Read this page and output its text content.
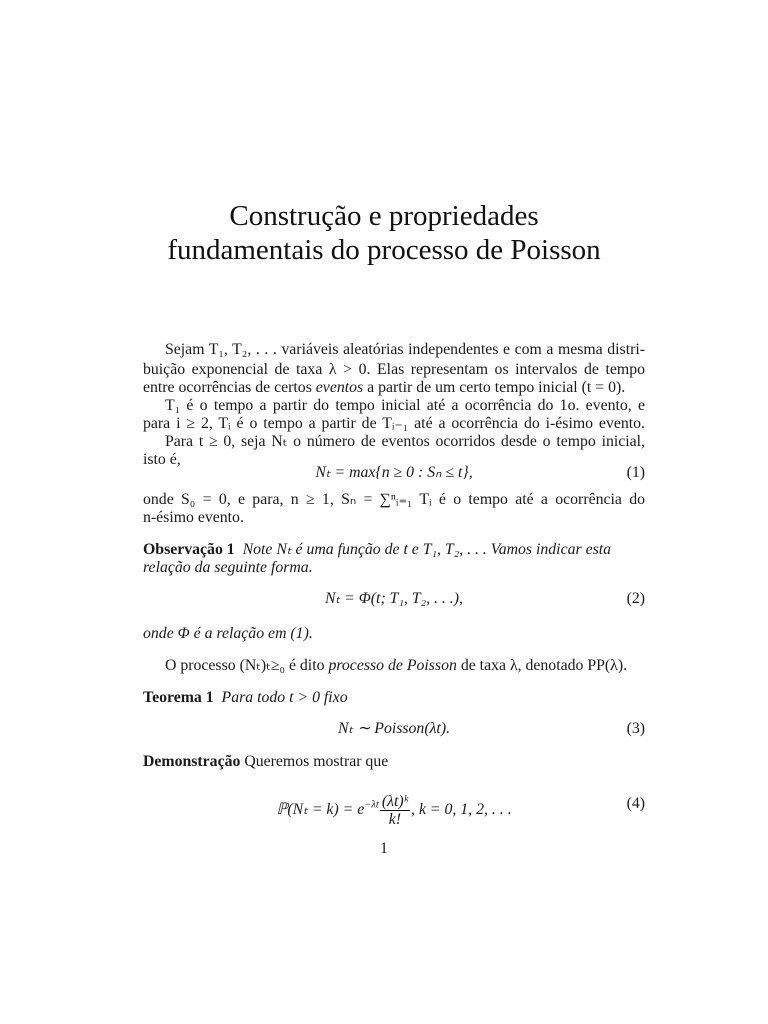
Construção e propriedades
fundamentais do processo de Poisson
Sejam T₁, T₂, . . . variáveis aleatórias independentes e com a mesma distri-
buição exponencial de taxa λ > 0. Elas representam os intervalos de tempo
entre ocorrências de certos eventos a partir de um certo tempo inicial (t = 0).
T₁ é o tempo a partir do tempo inicial até a ocorrência do 1o. evento, e
para i ≥ 2, Tᵢ é o tempo a partir de Tᵢ₋₁ até a ocorrência do i-ésimo evento.
Para t ≥ 0, seja Nₜ o número de eventos ocorridos desde o tempo inicial,
isto é,
Nₜ = max{n ≥ 0 : Sₙ ≤ t},	(1)
onde S₀ = 0, e para, n ≥ 1, Sₙ = ∑ⁿᵢ₌₁ Tᵢ é o tempo até a ocorrência do
n-ésimo evento.
Observação 1 Note Nₜ é uma função de t e T₁, T₂, . . . Vamos indicar esta
relação da seguinte forma.
Nₜ = Φ(t; T₁, T₂, . . .),	(2)
onde Φ é a relação em (1).
O processo (Nₜ)ₜ≥₀ é dito processo de Poisson de taxa λ, denotado PP(λ).
Teorema 1 Para todo t > 0 fixo
Nₜ ∼ Poisson(λt).	(3)
Demonstração Queremos mostrar que
ℙ(Nₜ = $k) = e^{-\lambda t} \frac{\text{(λt)ᵏ}}{k!}$ , k = 0, 1, 2, . . .	(4)
1
